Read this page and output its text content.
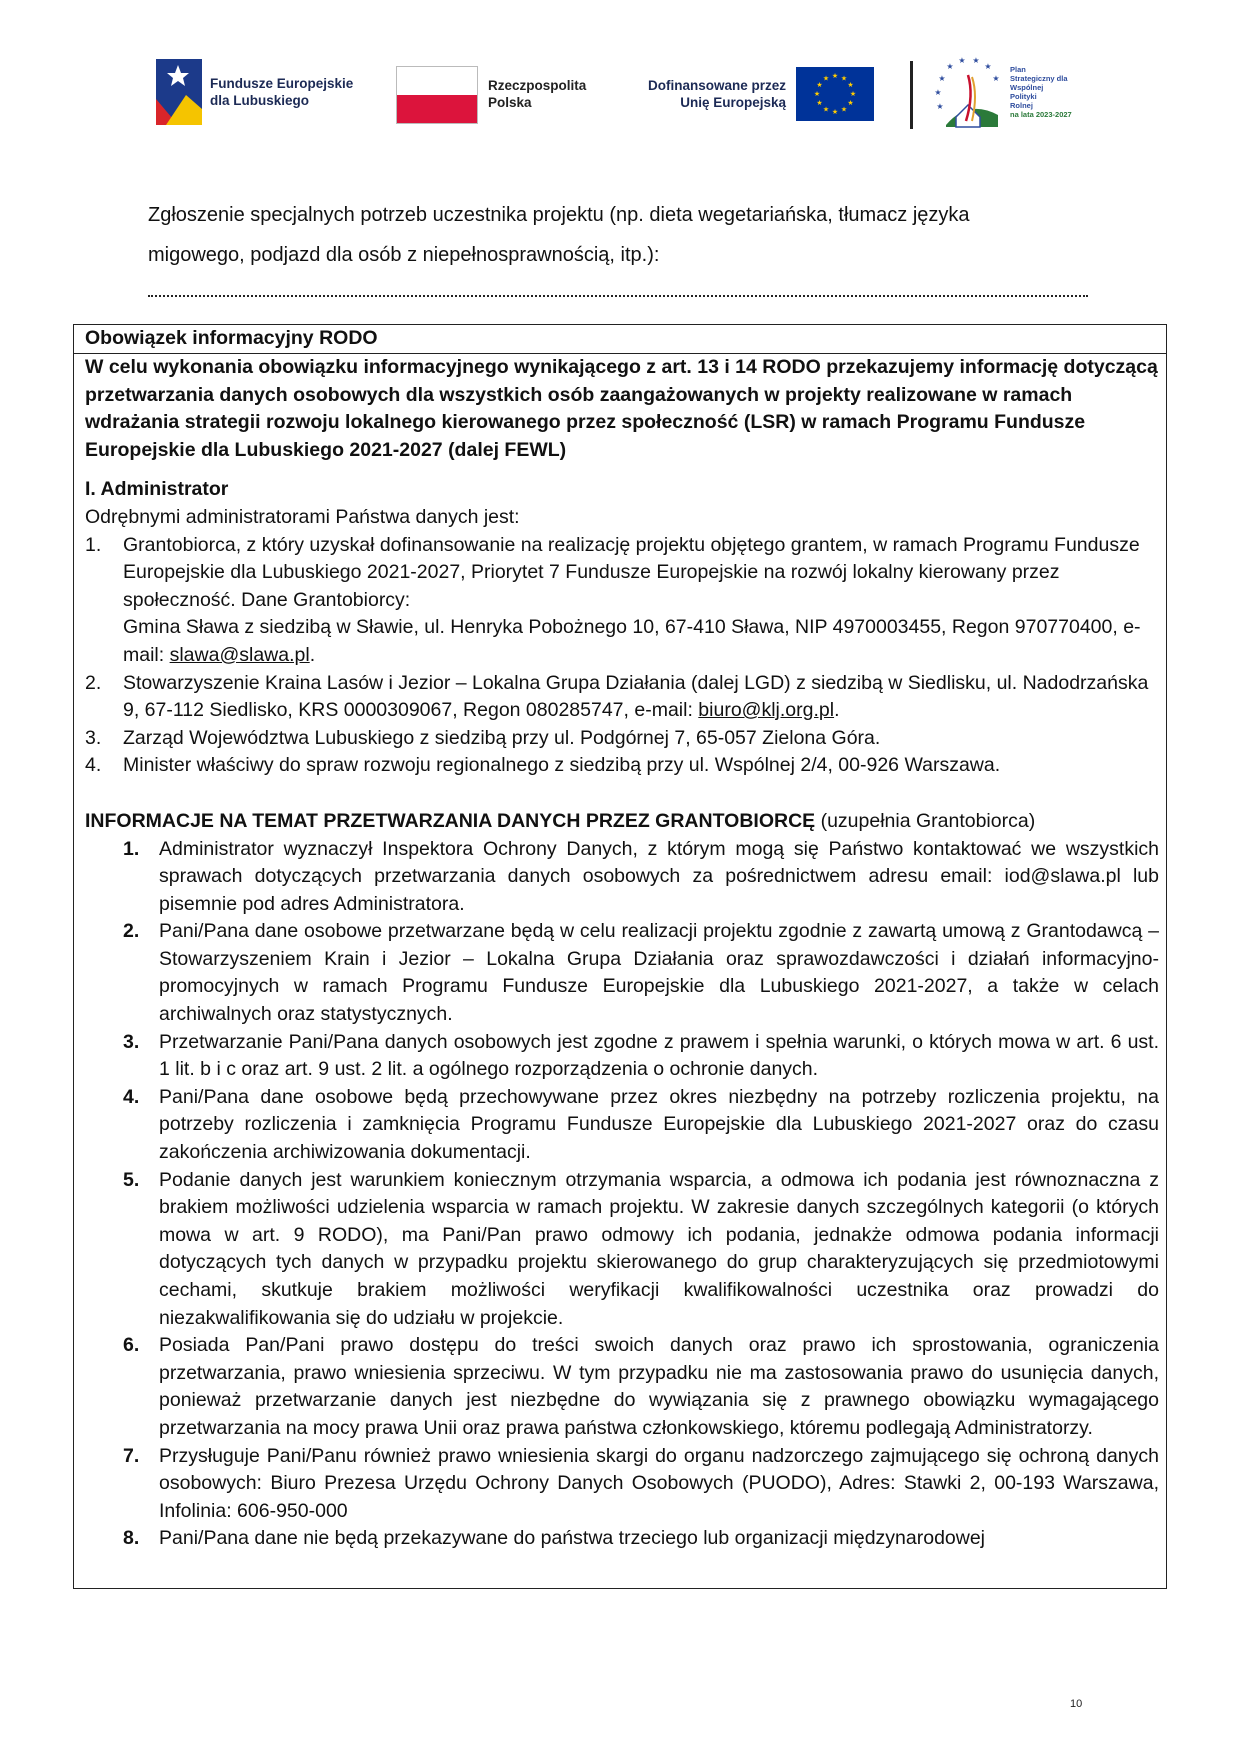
Fundusze Europejskie
dla Lubuskiego
Rzeczpospolita
Polska
Dofinansowane przez
Unię Europejską
★ ★
★
★
★
★
★
★
★
★
★
★
★
★ ★
★
★
★
★
★
Plan
Strategiczny dla
Wspólnej
Polityki
Rolnej
na lata 2023-2027

Zgłoszenie specjalnych potrzeb uczestnika projektu (np. dieta wegetariańska, tłumacz języka

migowego, podjazd dla osób z niepełnosprawnością, itp.):

Obowiązek informacyjny RODO

W celu wykonania obowiązku informacyjnego wynikającego z art. 13 i 14 RODO przekazujemy informację dotyczącą przetwarzania danych osobowych dla wszystkich osób zaangażowanych w projekty realizowane w ramach wdrażania strategii rozwoju lokalnego kierowanego przez społeczność (LSR) w ramach Programu Fundusze Europejskie dla Lubuskiego 2021-2027 (dalej FEWL)

I. Administrator

Odrębnymi administratorami Państwa danych jest:

1. Grantobiorca, z który uzyskał dofinansowanie na realizację projektu objętego grantem, w ramach Programu Fundusze Europejskie dla Lubuskiego 2021-2027, Priorytet 7 Fundusze Europejskie na rozwój lokalny kierowany przez społeczność. Dane Grantobiorcy:
Gmina Sława z siedzibą w Sławie, ul. Henryka Pobożnego 10, 67-410 Sława, NIP 4970003455, Regon 970770400, e-mail: slawa@slawa.pl.
2. Stowarzyszenie Kraina Lasów i Jezior – Lokalna Grupa Działania (dalej LGD) z siedzibą w Siedlisku, ul. Nadodrzańska 9, 67-112 Siedlisko, KRS 0000309067, Regon 080285747, e-mail: biuro@klj.org.pl.
3. Zarząd Województwa Lubuskiego z siedzibą przy ul. Podgórnej 7, 65-057 Zielona Góra.
4. Minister właściwy do spraw rozwoju regionalnego z siedzibą przy ul. Wspólnej 2/4, 00-926 Warszawa.

INFORMACJE NA TEMAT PRZETWARZANIA DANYCH PRZEZ GRANTOBIORCĘ (uzupełnia Grantobiorca)

1. Administrator wyznaczył Inspektora Ochrony Danych, z którym mogą się Państwo kontaktować we wszystkich sprawach dotyczących przetwarzania danych osobowych za pośrednictwem adresu email: iod@slawa.pl lub pisemnie pod adres Administratora.
2. Pani/Pana dane osobowe przetwarzane będą w celu realizacji projektu zgodnie z zawartą umową z Grantodawcą – Stowarzyszeniem Krain i Jezior – Lokalna Grupa Działania oraz sprawozdawczości i działań informacyjno-promocyjnych w ramach Programu Fundusze Europejskie dla Lubuskiego 2021-2027, a także w celach archiwalnych oraz statystycznych.
3. Przetwarzanie Pani/Pana danych osobowych jest zgodne z prawem i spełnia warunki, o których mowa w art. 6 ust. 1 lit. b i c oraz art. 9 ust. 2 lit. a ogólnego rozporządzenia o ochronie danych.
4. Pani/Pana dane osobowe będą przechowywane przez okres niezbędny na potrzeby rozliczenia projektu, na potrzeby rozliczenia i zamknięcia Programu Fundusze Europejskie dla Lubuskiego 2021-2027 oraz do czasu zakończenia archiwizowania dokumentacji.
5. Podanie danych jest warunkiem koniecznym otrzymania wsparcia, a odmowa ich podania jest równoznaczna z brakiem możliwości udzielenia wsparcia w ramach projektu. W zakresie danych szczególnych kategorii (o których mowa w art. 9 RODO), ma Pani/Pan prawo odmowy ich podania, jednakże odmowa podania informacji dotyczących tych danych w przypadku projektu skierowanego do grup charakteryzujących się przedmiotowymi cechami, skutkuje brakiem możliwości weryfikacji kwalifikowalności uczestnika oraz prowadzi do niezakwalifikowania się do udziału w projekcie.
6. Posiada Pan/Pani prawo dostępu do treści swoich danych oraz prawo ich sprostowania, ograniczenia przetwarzania, prawo wniesienia sprzeciwu. W tym przypadku nie ma zastosowania prawo do usunięcia danych, ponieważ przetwarzanie danych jest niezbędne do wywiązania się z prawnego obowiązku wymagającego przetwarzania na mocy prawa Unii oraz prawa państwa członkowskiego, któremu podlegają Administratorzy.
7. Przysługuje Pani/Panu również prawo wniesienia skargi do organu nadzorczego zajmującego się ochroną danych osobowych: Biuro Prezesa Urzędu Ochrony Danych Osobowych (PUODO), Adres: Stawki 2, 00-193 Warszawa, Infolinia: 606-950-000
8. Pani/Pana dane nie będą przekazywane do państwa trzeciego lub organizacji międzynarodowej
10
